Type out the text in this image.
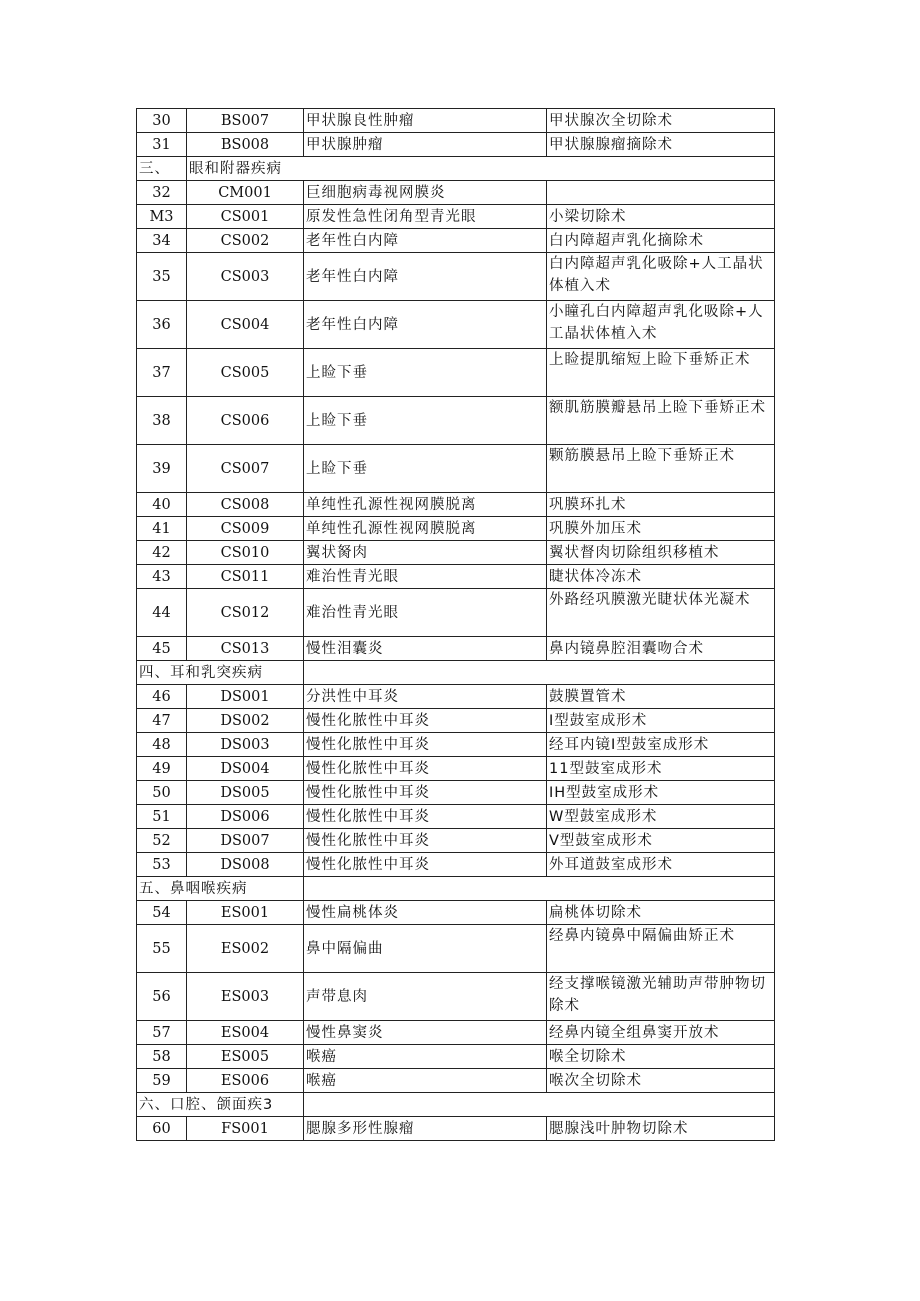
30	BS007	甲状腺良性肿瘤	甲状腺次全切除术
31	BS008	甲状腺肿瘤	甲状腺腺瘤摘除术
三、	眼和附器疾病		
32	CM001	巨细胞病毒视网膜炎	
M3	CS001	原发性急性闭角型青光眼	小梁切除术
34	CS002	老年性白内障	白内障超声乳化摘除术
35	CS003	老年性白内障	白内障超声乳化吸除+人工晶状体植入术
36	CS004	老年性白内障	小瞳孔白内障超声乳化吸除+人工晶状体植入术
37	CS005	上睑下垂	上睑提肌缩短上睑下垂矫正术
38	CS006	上睑下垂	额肌筋膜瓣悬吊上睑下垂矫正术
39	CS007	上睑下垂	颗筋膜悬吊上睑下垂矫正术
40	CS008	单纯性孔源性视网膜脱离	巩膜环扎术
41	CS009	单纯性孔源性视网膜脱离	巩膜外加压术
42	CS010	翼状胬肉	翼状督肉切除组织移植术
43	CS011	难治性青光眼	睫状体冷冻术
44	CS012	难治性青光眼	外路经巩膜激光睫状体光凝术
45	CS013	慢性泪囊炎	鼻内镜鼻腔泪囊吻合术
四、耳和乳突疾病			
46	DS001	分洪性中耳炎	鼓膜置管术
47	DS002	慢性化脓性中耳炎	I型鼓室成形术
48	DS003	慢性化脓性中耳炎	经耳内镜I型鼓室成形术
49	DS004	慢性化脓性中耳炎	11型鼓室成形术
50	DS005	慢性化脓性中耳炎	IH型鼓室成形术
51	DS006	慢性化脓性中耳炎	W型鼓室成形术
52	DS007	慢性化脓性中耳炎	V型鼓室成形术
53	DS008	慢性化脓性中耳炎	外耳道鼓室成形术
五、鼻咽喉疾病			
54	ES001	慢性扁桃体炎	扁桃体切除术
55	ES002	鼻中隔偏曲	经鼻内镜鼻中隔偏曲矫正术
56	ES003	声带息肉	经支撑喉镜激光辅助声带肿物切除术
57	ES004	慢性鼻窦炎	经鼻内镜全组鼻窦开放术
58	ES005	喉癌	喉全切除术
59	ES006	喉癌	喉次全切除术
六、口腔、颌面疾3			
60	FS001	腮腺多形性腺瘤	腮腺浅叶肿物切除术
